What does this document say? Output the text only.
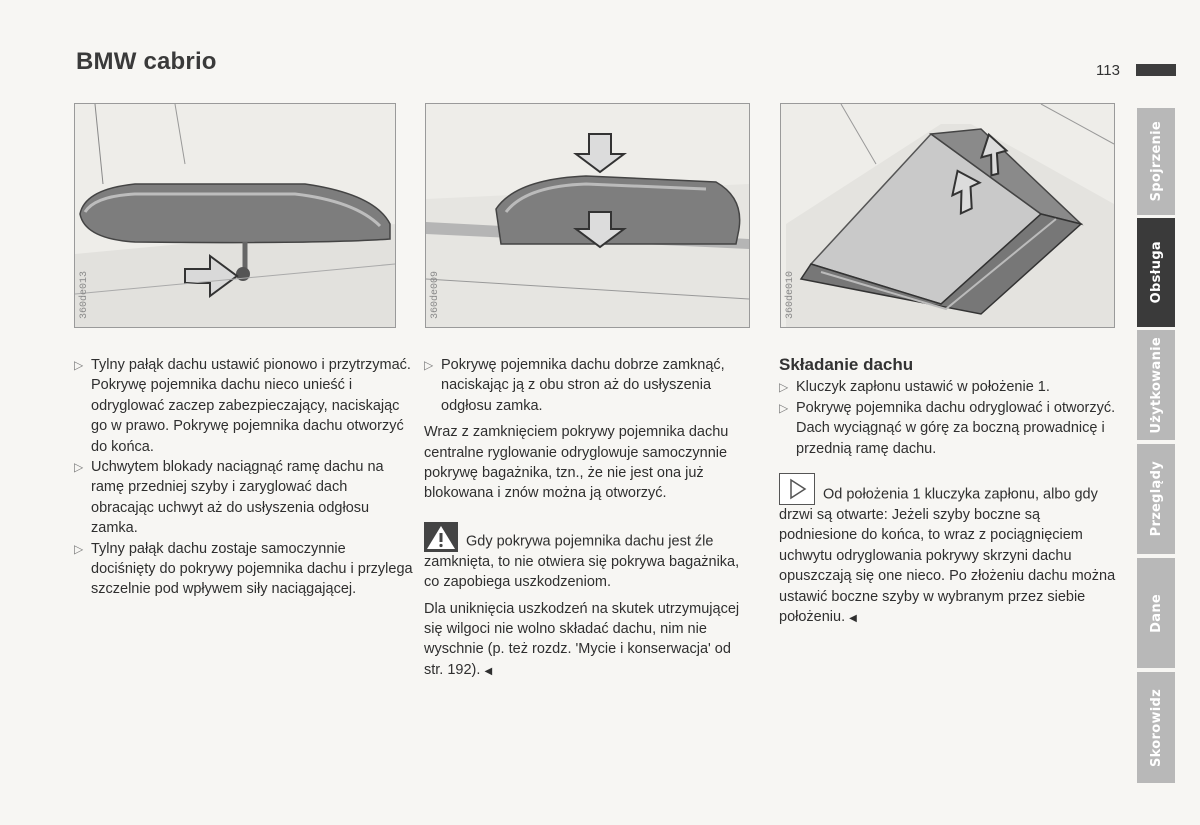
BMW cabrio	113
360de013	360de009	360de010

▷ Tylny pałąk dachu ustawić pionowo i przytrzymać. Pokrywę pojemnika dachu nieco unieść i odryglować zaczep zabezpieczający, naciskając go w prawo. Pokrywę pojemnika dachu otworzyć do końca.

▷ Uchwytem blokady naciągnąć ramę dachu na ramę przedniej szyby i zaryglować dach obracając uchwyt aż do usłyszenia odgłosu zamka.

▷ Tylny pałąk dachu zostaje samoczynnie dociśnięty do pokrywy pojemnika dachu i przylega szczelnie pod wpływem siły naciągającej.

▷ Pokrywę pojemnika dachu dobrze zamknąć, naciskając ją z obu stron aż do usłyszenia odgłosu zamka.

Wraz z zamknięciem pokrywy pojemnika dachu centralne ryglowanie odryglowuje samoczynnie pokrywę bagażnika, tzn., że nie jest ona już blokowana i znów można ją otworzyć.

Gdy pokrywa pojemnika dachu jest źle zamknięta, to nie otwiera się pokrywa bagażnika, co zapobiega uszkodzeniom.

Dla uniknięcia uszkodzeń na skutek utrzymującej się wilgoci nie wolno składać dachu, nim nie wyschnie (p. też rozdz. 'Mycie i konserwacja' od str. 192). ◀

Składanie dachu

▷ Kluczyk zapłonu ustawić w położenie 1.

▷ Pokrywę pojemnika dachu odryglować i otworzyć. Dach wyciągnąć w górę za boczną prowadnicę i przednią ramę dachu.

Od położenia 1 kluczyka zapłonu, albo gdy drzwi są otwarte: Jeżeli szyby boczne są podniesione do końca, to wraz z pociągnięciem uchwytu odryglowania pokrywy skrzyni dachu opuszczają się one nieco. Po złożeniu dachu można ustawić boczne szyby w wybranym przez siebie położeniu. ◀

Spojrzenie
Obsługa
Użytkowanie
Przeglądy
Dane
Skorowidz
